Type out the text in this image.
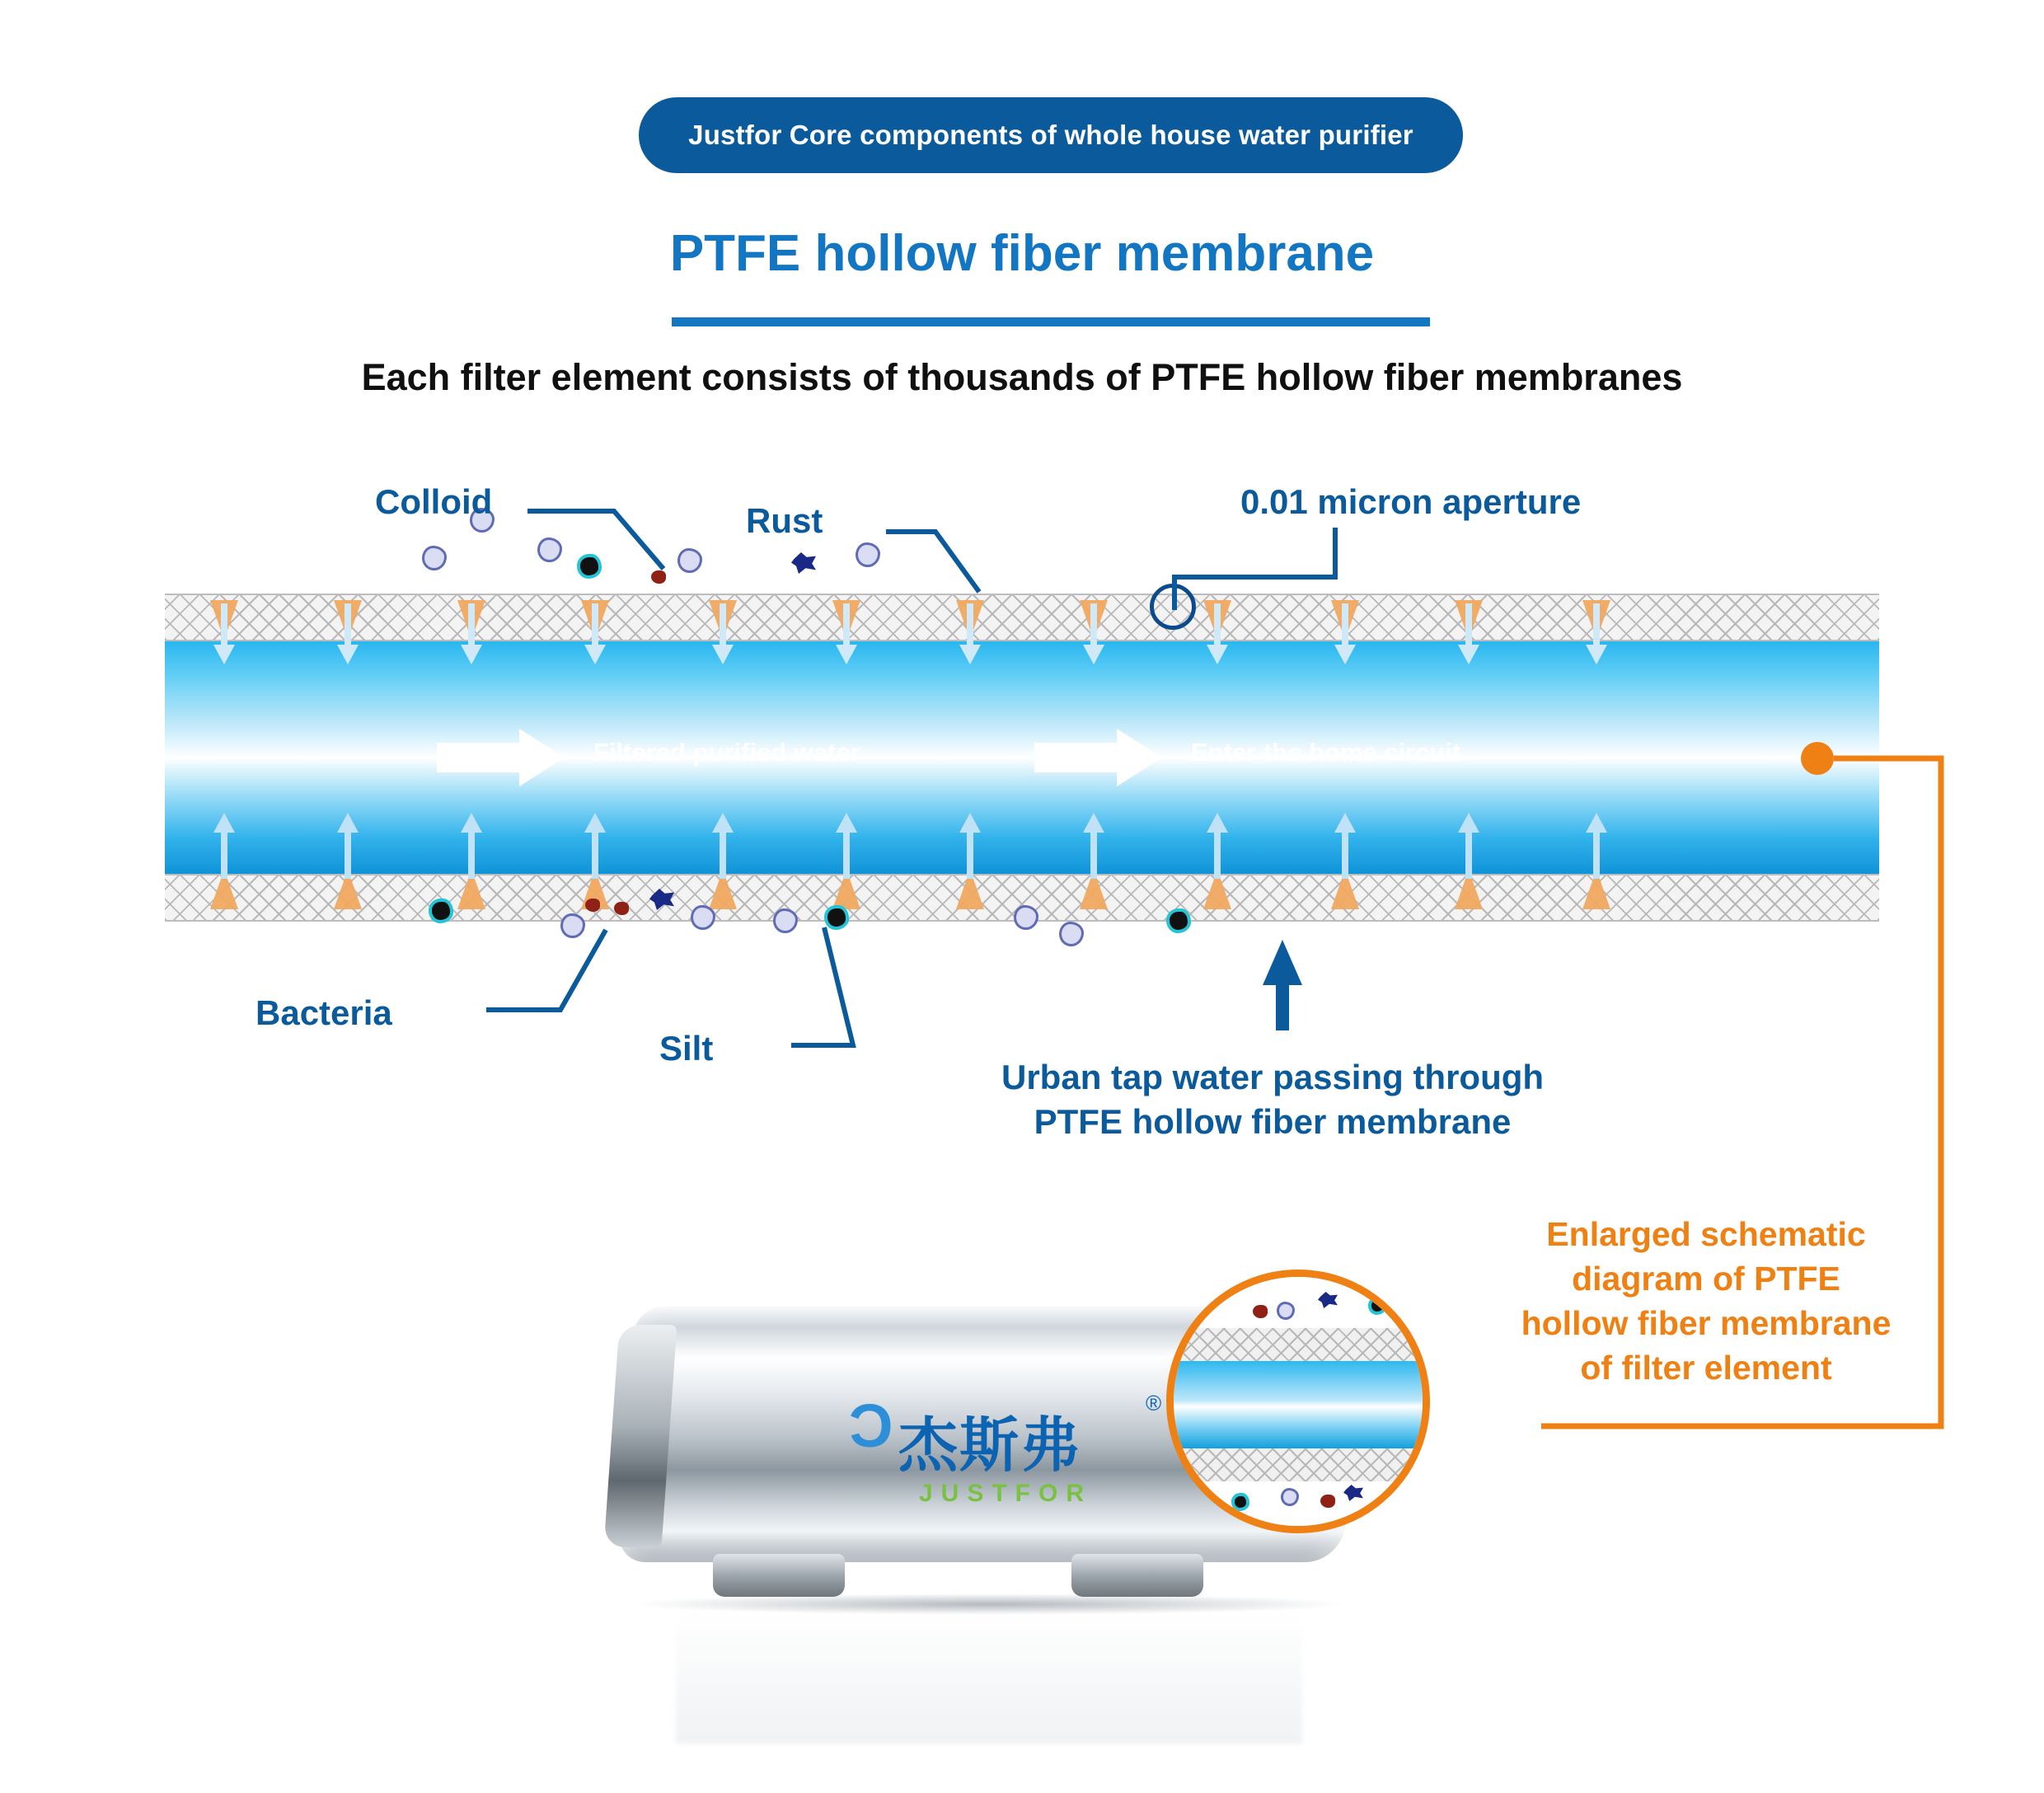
Justfor Core components of whole house water purifier
PTFE hollow fiber membrane
Each filter element consists of thousands of PTFE hollow fiber membranes
Filtered purified water	Enter the home circuit
Colloid	Rust	0.01 micron aperture
Bacteria
Silt
Urban tap water passing through
PTFE hollow fiber membrane
Enlarged schematic
diagram of PTFE
hollow fiber membrane
of filter element
Ɔ 杰斯弗
®
JUSTFOR
